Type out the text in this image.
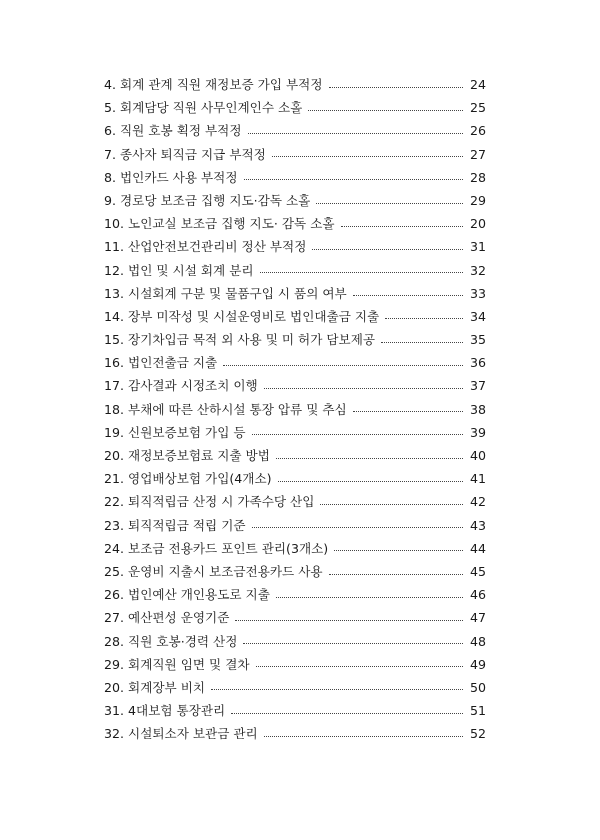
4. 회계 관계 직원 재정보증 가입 부적정	24
5. 회계담당 직원 사무인계인수 소홀	25
6. 직원 호봉 획정 부적정	26
7. 종사자 퇴직금 지급 부적정	27
8. 법인카드 사용 부적정	28
9. 경로당 보조금 집행 지도·감독 소홀	29
10. 노인교실 보조금 집행 지도· 감독 소홀	20
11. 산업안전보건관리비 정산 부적정	31
12. 법인 및 시설 회계 분리	32
13. 시설회계 구분 및 물품구입 시 품의 여부	33
14. 장부 미작성 및 시설운영비로 법인대출금 지출	34
15. 장기차입금 목적 외 사용 및 미 허가 담보제공	35
16. 법인전출금 지출	36
17. 감사결과 시정조치 이행	37
18. 부채에 따른 산하시설 통장 압류 및 추심	38
19. 신원보증보험 가입 등	39
20. 재정보증보험료 지출 방법	40
21. 영업배상보험 가입(4개소)	41
22. 퇴직적립금 산정 시 가족수당 산입	42
23. 퇴직적립금 적립 기준	43
24. 보조금 전용카드 포인트 관리(3개소)	44
25. 운영비 지출시 보조금전용카드 사용	45
26. 법인예산 개인용도로 지출	46
27. 예산편성 운영기준	47
28. 직원 호봉·경력 산정	48
29. 회계직원 임면 및 결차	49
20. 회계장부 비치	50
31. 4대보험 통장관리	51
32. 시설퇴소자 보관금 관리	52
